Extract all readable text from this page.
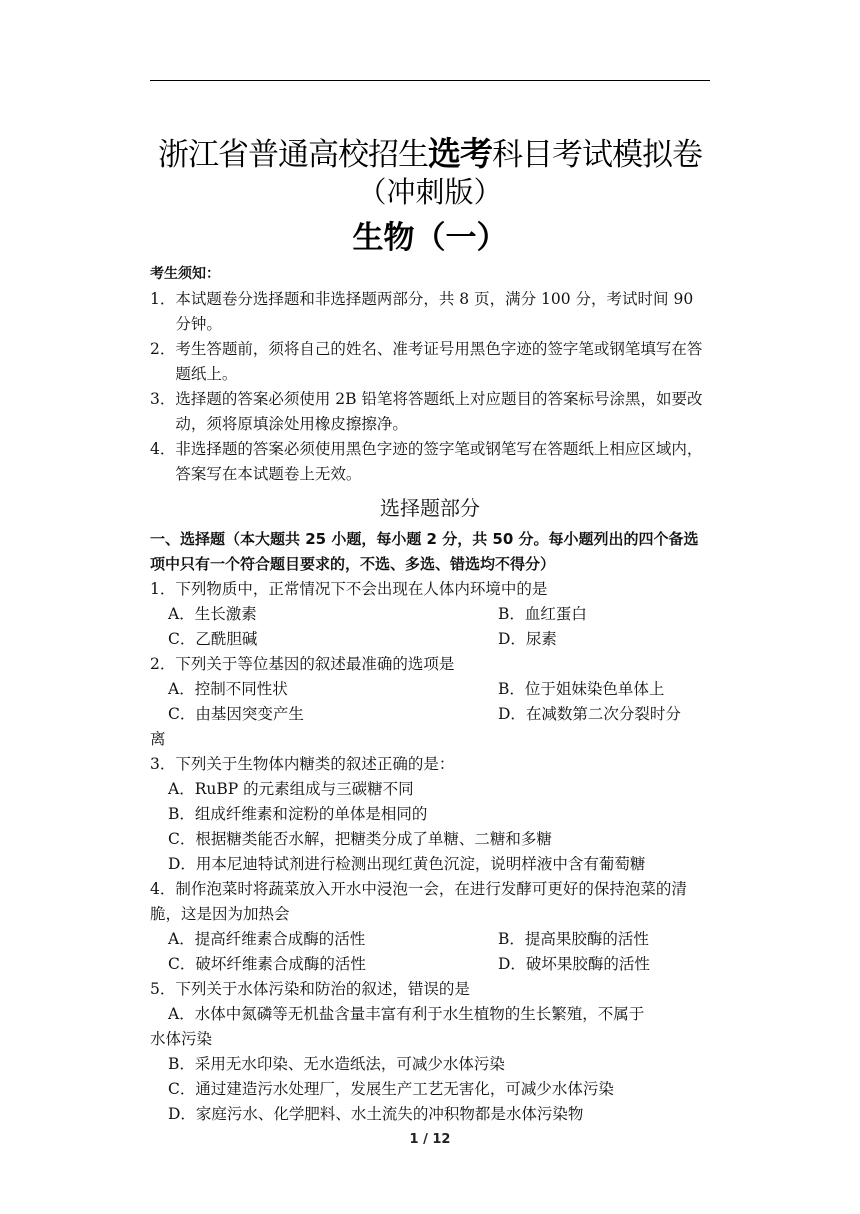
浙江省普通高校招生选考科目考试模拟卷
（冲刺版）
生物（一）
考生须知：
1． 本试题卷分选择题和非选择题两部分，共 8 页，满分 100 分，考试时间 90 分钟。
2． 考生答题前，须将自己的姓名、准考证号用黑色字迹的签字笔或钢笔填写在答题纸上。
3． 选择题的答案必须使用 2B 铅笔将答题纸上对应题目的答案标号涂黑，如要改动，须将原填涂处用橡皮擦擦净。
4． 非选择题的答案必须使用黑色字迹的签字笔或钢笔写在答题纸上相应区域内，答案写在本试题卷上无效。
选择题部分
一、选择题（本大题共 25 小题，每小题 2 分，共 50 分。每小题列出的四个备选项中只有一个符合题目要求的，不选、多选、错选均不得分）
1．下列物质中，正常情况下不会出现在人体内环境中的是
A．生长激素	B．血红蛋白
C．乙酰胆碱	D．尿素
2．下列关于等位基因的叙述最准确的选项是
A．控制不同性状	B．位于姐妹染色单体上
C．由基因突变产生	D．在减数第二次分裂时分
离
3．下列关于生物体内糖类的叙述正确的是：
A．RuBP 的元素组成与三碳糖不同
B．组成纤维素和淀粉的单体是相同的
C．根据糖类能否水解，把糖类分成了单糖、二糖和多糖
D．用本尼迪特试剂进行检测出现红黄色沉淀，说明样液中含有葡萄糖
4．制作泡菜时将蔬菜放入开水中浸泡一会，在进行发酵可更好的保持泡菜的清脆，这是因为加热会
A．提高纤维素合成酶的活性	B．提高果胶酶的活性
C．破坏纤维素合成酶的活性	D．破坏果胶酶的活性
5．下列关于水体污染和防治的叙述，错误的是
A．水体中氮磷等无机盐含量丰富有利于水生植物的生长繁殖，不属于
水体污染
B．采用无水印染、无水造纸法，可减少水体污染
C．通过建造污水处理厂，发展生产工艺无害化，可减少水体污染
D．家庭污水、化学肥料、水土流失的冲积物都是水体污染物
1 / 12
